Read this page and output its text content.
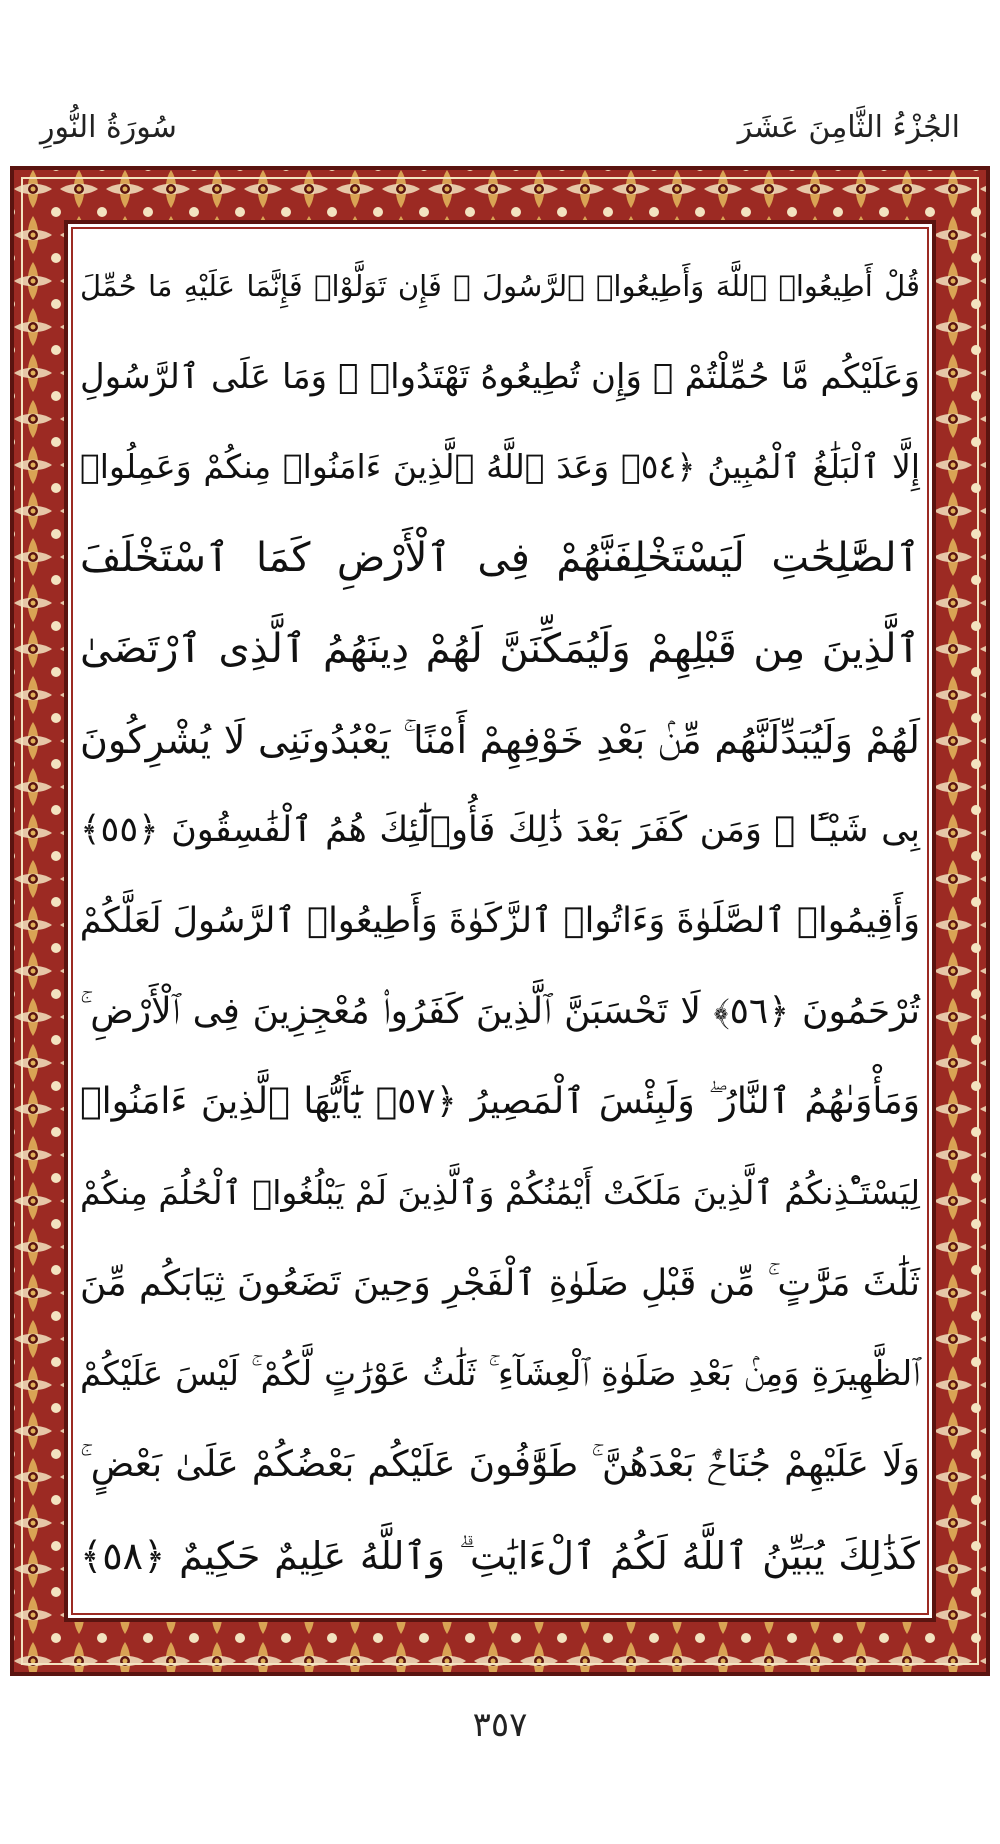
سُورَةُ النُّورِ	الجُزْءُ الثَّامِنَ عَشَرَ
قُلْ أَطِيعُوا۟ ٱللَّهَ وَأَطِيعُوا۟ ٱلرَّسُولَ ۖ فَإِن تَوَلَّوْا۟ فَإِنَّمَا عَلَيْهِ مَا حُمِّلَ
وَعَلَيْكُم مَّا حُمِّلْتُمْ ۖ وَإِن تُطِيعُوهُ تَهْتَدُوا۟ ۚ وَمَا عَلَى ٱلرَّسُولِ
إِلَّا ٱلْبَلَٰغُ ٱلْمُبِينُ ﴿٥٤﴾ وَعَدَ ٱللَّهُ ٱلَّذِينَ ءَامَنُوا۟ مِنكُمْ وَعَمِلُوا۟
ٱلصَّٰلِحَٰتِ لَيَسْتَخْلِفَنَّهُمْ فِى ٱلْأَرْضِ كَمَا ٱسْتَخْلَفَ
ٱلَّذِينَ مِن قَبْلِهِمْ وَلَيُمَكِّنَنَّ لَهُمْ دِينَهُمُ ٱلَّذِى ٱرْتَضَىٰ
لَهُمْ وَلَيُبَدِّلَنَّهُم مِّنۢ بَعْدِ خَوْفِهِمْ أَمْنًا ۚ يَعْبُدُونَنِى لَا يُشْرِكُونَ
بِى شَيْـًٔا ۚ وَمَن كَفَرَ بَعْدَ ذَٰلِكَ فَأُو۟لَٰٓئِكَ هُمُ ٱلْفَٰسِقُونَ ﴿٥٥﴾
وَأَقِيمُوا۟ ٱلصَّلَوٰةَ وَءَاتُوا۟ ٱلزَّكَوٰةَ وَأَطِيعُوا۟ ٱلرَّسُولَ لَعَلَّكُمْ
تُرْحَمُونَ ﴿٥٦﴾ لَا تَحْسَبَنَّ ٱلَّذِينَ كَفَرُوا۟ مُعْجِزِينَ فِى ٱلْأَرْضِ ۚ
وَمَأْوَىٰهُمُ ٱلنَّارُ ۖ وَلَبِئْسَ ٱلْمَصِيرُ ﴿٥٧﴾ يَٰٓأَيُّهَا ٱلَّذِينَ ءَامَنُوا۟
لِيَسْتَـْٔذِنكُمُ ٱلَّذِينَ مَلَكَتْ أَيْمَٰنُكُمْ وَٱلَّذِينَ لَمْ يَبْلُغُوا۟ ٱلْحُلُمَ مِنكُمْ
ثَلَٰثَ مَرَّٰتٍ ۚ مِّن قَبْلِ صَلَوٰةِ ٱلْفَجْرِ وَحِينَ تَضَعُونَ ثِيَابَكُم مِّنَ
ٱلظَّهِيرَةِ وَمِنۢ بَعْدِ صَلَوٰةِ ٱلْعِشَآءِ ۚ ثَلَٰثُ عَوْرَٰتٍ لَّكُمْ ۚ لَيْسَ عَلَيْكُمْ
وَلَا عَلَيْهِمْ جُنَاحٌۢ بَعْدَهُنَّ ۚ طَوَّٰفُونَ عَلَيْكُم بَعْضُكُمْ عَلَىٰ بَعْضٍ ۚ
كَذَٰلِكَ يُبَيِّنُ ٱللَّهُ لَكُمُ ٱلْءَايَٰتِ ۗ وَٱللَّهُ عَلِيمٌ حَكِيمٌ ﴿٥٨﴾
٣٥٧
